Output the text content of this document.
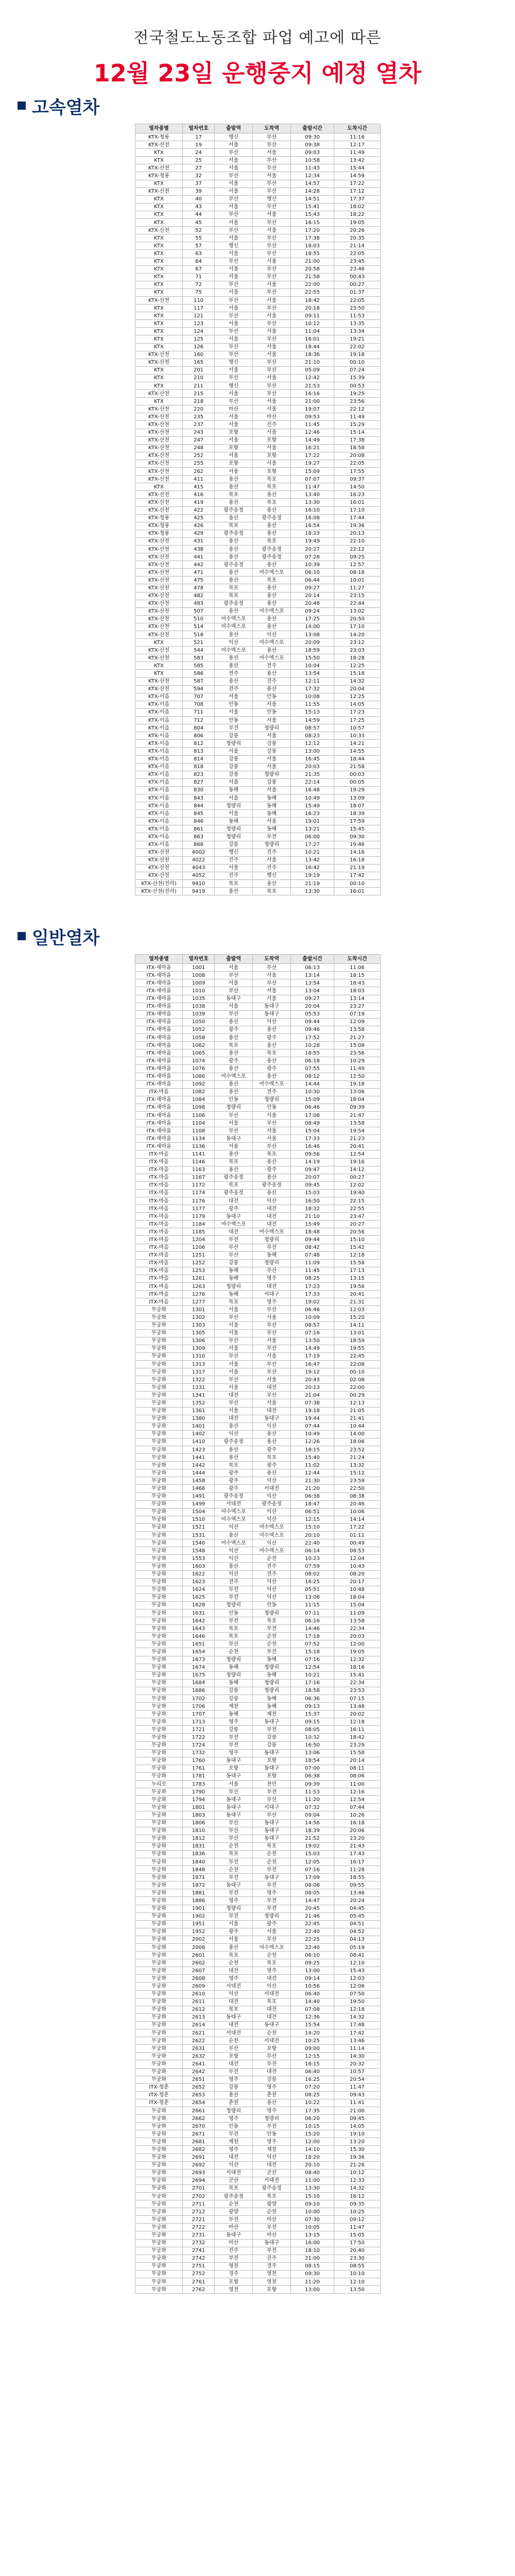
전국철도노동조합 파업 예고에 따른
12월 23일 운행중지 예정 열차
고속열차
열차종별	열차번호	출발역	도착역	출발시간	도착시간
KTX-청룡	17	행신	부산	09:30	11:16
KTX-산천	19	서울	부산	09:38	12:17
KTX	24	부산	서울	09:03	11:49
KTX	25	서울	부산	10:58	13:42
KTX-산천	27	서울	부산	11:43	15:44
KTX-청룡	32	부산	서울	12:34	14:59
KTX	37	서울	부산	14:57	17:22
KTX-산천	39	서울	부산	14:28	17:12
KTX	40	부산	행신	14:51	17:37
KTX	43	서울	부산	15:41	18:02
KTX	44	부산	서울	15:43	18:22
KTX	45	서울	부산	16:15	19:05
KTX-산천	52	부산	서울	17:20	20:26
KTX	55	서울	부산	17:38	20:35
KTX	57	행신	부산	18:03	21:14
KTX	63	서울	부산	18:55	22:05
KTX	64	부산	서울	21:00	23:45
KTX	67	서울	부산	20:58	23:46
KTX	71	서울	부산	21:58	00:43
KTX	72	부산	서울	22:00	00:27
KTX	75	서울	부산	22:55	01:37
KTX-산천	110	부산	서울	18:42	22:05
KTX	117	서울	부산	20:18	23:50
KTX	121	부산	서울	09:11	11:53
KTX	123	서울	부산	10:12	13:35
KTX	124	부산	서울	11:04	13:34
KTX	125	서울	부산	16:01	19:21
KTX	126	부산	서울	18:44	22:02
KTX-산천	160	부산	서울	18:36	19:18
KTX-산천	165	행신	부산	21:10	00:10
KTX	201	서울	부산	05:09	07:24
KTX	210	부산	서울	12:42	15:39
KTX	211	행신	부산	21:53	00:53
KTX-산천	215	서울	부산	16:16	19:25
KTX	218	부산	서울	21:00	23:56
KTX-산천	220	마산	서울	19:07	22:12
KTX-산천	235	서울	마산	09:53	11:49
KTX-산천	237	서울	진주	11:45	15:29
KTX-산천	243	포항	서울	12:46	15:14
KTX-산천	247	서울	포항	14:49	17:38
KTX-산천	248	포항	서울	16:21	18:58
KTX-산천	252	서울	포항	17:22	20:08
KTX-산천	255	포항	서울	19:27	22:05
KTX-산천	262	서울	포항	15:09	17:55
KTX-산천	411	용산	목포	07:07	09:37
KTX	415	용산	목포	11:47	14:50
KTX-산천	416	목포	용산	13:40	16:23
KTX-산천	419	용산	목포	13:30	16:01
KTX-산천	422	광주송정	용산	16:10	17:10
KTX-청룡	425	용산	광주송정	16:08	17:44
KTX-청룡	426	목포	용산	16:54	19:36
KTX-청룡	429	광주송정	용산	18:23	20:13
KTX-산천	431	용산	목포	19:49	22:10
KTX-산천	438	용산	광주송정	20:27	22:12
KTX-산천	441	용산	광주송정	07:28	09:25
KTX-산천	442	광주송정	용산	10:39	12:57
KTX-산천	471	용산	여수엑스포	06:10	08:18
KTX-산천	475	용산	목포	06:44	10:01
KTX-산천	478	목포	용산	09:27	11:27
KTX-산천	482	목포	용산	20:14	23:15
KTX-산천	483	광주송정	용산	20:48	22:44
KTX-산천	507	용산	여수엑스포	09:24	13:02
KTX-산천	510	여수엑스포	용산	17:25	20:50
KTX-산천	514	여수엑스포	용산	14:00	17:10
KTX-산천	518	용산	익산	13:08	14:20
KTX	521	익산	여수엑스포	20:09	23:12
KTX-산천	544	여수엑스포	용산	18:59	23:03
KTX-산천	583	용산	여수엑스포	15:50	18:28
KTX	585	용산	전주	10:04	12:25
KTX	586	전주	용산	13:54	15:18
KTX-산천	587	용산	전주	12:11	14:32
KTX-산천	594	전주	용산	17:32	20:04
KTX-이음	707	서울	안동	10:08	12:25
KTX-이음	708	안동	서울	11:55	14:05
KTX-이음	711	서울	안동	15:13	17:23
KTX-이음	712	안동	서울	14:59	17:25
KTX-이음	804	부전	청량리	08:57	10:57
KTX-이음	806	강릉	서울	08:23	10:33
KTX-이음	812	청량리	강릉	12:12	14:21
KTX-이음	813	서울	강릉	13:00	14:55
KTX-이음	814	강릉	서울	16:45	18:44
KTX-이음	818	강릉	서울	20:03	21:58
KTX-이음	823	강릉	청량리	21:35	00:03
KTX-이음	827	서울	강릉	22:14	00:05
KTX-이음	830	동해	서울	16:48	19:29
KTX-이음	843	서울	동해	10:49	13:09
KTX-이음	844	청량리	동해	15:49	18:07
KTX-이음	845	서울	동해	16:23	18:39
KTX-이음	846	동해	서울	19:01	17:59
KTX-이음	861	청량리	동해	13:21	15:45
KTX-이음	863	청량리	부전	06:00	09:30
KTX-이음	868	강릉	청량리	17:27	19:46
KTX-산천	4002	행신	진주	10:21	14:16
KTX-산천	4022	진주	서울	13:42	16:18
KTX-산천	4043	서울	진주	16:42	21:19
KTX-산천	4052	진주	행신	19:19	17:42
KTX-산천(전라)	9410	목포	용산	21:19	00:10
KTX-산천(전라)	9419	용산	목포	13:30	16:01
일반열차
열차종별	열차번호	출발역	도착역	출발시간	도착시간
ITX-새마을	1001	서울	부산	06:13	11:06
ITX-새마을	1008	부산	서울	13:14	18:15
ITX-새마을	1009	서울	부산	13:54	18:43
ITX-새마을	1010	부산	서울	13:04	18:03
ITX-새마을	1035	동대구	서울	09:27	13:14
ITX-새마을	1038	서울	동대구	20:04	23:27
ITX-새마을	1039	부산	동대구	05:53	07:19
ITX-새마을	1050	용산	익산	09:44	12:09
ITX-새마을	1052	광주	용산	09:46	13:58
ITX-새마을	1058	용산	광주	17:52	21:27
ITX-새마을	1062	목포	용산	10:28	15:08
ITX-새마을	1065	용산	목포	18:55	23:56
ITX-새마을	1074	광주	용산	06:18	10:29
ITX-새마을	1076	용산	광주	07:55	11:49
ITX-새마을	1086	여수엑스포	용산	08:12	12:50
ITX-새마을	1092	용산	여수엑스포	14:44	19:18
ITX-마음	1082	용산	전주	10:30	13:06
ITX-새마을	1084	안동	청량리	15:09	18:04
ITX-새마을	1098	청량리	안동	06:46	09:39
ITX-새마을	1106	부산	서울	17:08	21:47
ITX-새마을	1104	서울	부산	08:49	13:58
ITX-새마을	1108	부산	서울	15:04	19:54
ITX-새마을	1134	동대구	서울	17:33	21:23
ITX-새마을	1136	서울	부산	16:46	20:41
ITX-마음	1141	용산	목포	09:56	12:54
ITX-마음	1146	목포	용산	14:19	19:16
ITX-마음	1163	용산	광주	09:47	14:12
ITX-마음	1167	광주송정	용산	20:07	00:27
ITX-마음	1172	목포	광주송정	09:45	12:02
ITX-마음	1174	광주송정	용산	15:03	19:40
ITX-마음	1176	대전	익산	16:50	22:15
ITX-마음	1177	광주	대전	18:32	22:55
ITX-마음	1179	동대구	대전	21:10	23:47
ITX-마음	1184	여수엑스포	대전	15:49	20:27
ITX-마음	1185	대전	여수엑스포	18:48	20:56
ITX-마음	1204	부전	청량리	09:44	15:10
ITX-마음	1206	부산	부전	08:42	15:42
ITX-마음	1251	부산	동해	07:48	12:18
ITX-마음	1252	강릉	청량리	11:09	15:58
ITX-마음	1253	동해	부산	11:45	17:13
ITX-마음	1261	동해	영주	08:25	13:15
ITX-마음	1263	청량리	대전	17:23	19:56
ITX-마음	1276	동해	서대구	17:33	20:41
ITX-마음	1277	목포	영주	19:02	21:31
무궁화	1301	서울	부산	06:46	12:03
무궁화	1302	부산	서울	10:09	15:20
무궁화	1303	서울	부산	08:57	14:11
무궁화	1305	서울	부산	07:16	13:01
무궁화	1306	부산	서울	13:50	18:59
무궁화	1309	서울	부산	14:49	19:55
무궁화	1310	부산	서울	17:19	22:45
무궁화	1313	서울	부산	16:47	22:08
무궁화	1317	서울	부산	19:12	00:10
무궁화	1322	부산	서울	20:43	02:08
무궁화	1331	서울	대전	20:13	22:00
무궁화	1341	대전	부산	21:04	00:29
무궁화	1352	부산	서울	07:38	12:13
무궁화	1361	서울	대전	19:18	21:05
무궁화	1380	대전	동대구	19:44	21:41
무궁화	1401	용산	익산	07:44	10:44
무궁화	1402	익산	용산	10:49	14:00
무궁화	1410	광주송정	용산	12:26	18:06
무궁화	1423	용산	광주	18:15	23:52
무궁화	1441	용산	목포	15:40	21:24
무궁화	1442	목포	광주	11:02	13:32
무궁화	1444	광주	용산	12:44	15:12
무궁화	1458	광주	익산	21:30	23:59
무궁화	1466	광주	서대전	21:20	22:50
무궁화	1491	광주송정	익산	06:38	08:38
무궁화	1499	서대전	광주송정	18:47	20:46
무궁화	1504	여수엑스포	익산	06:51	10:06
무궁화	1510	여수엑스포	익산	12:15	14:14
무궁화	1521	익산	여수엑스포	15:10	17:22
무궁화	1531	용산	여수엑스포	20:10	01:11
무궁화	1540	여수엑스포	익산	22:40	00:49
무궁화	1548	익산	여수엑스포	06:14	08:53
무궁화	1553	익산	순천	10:23	12:04
무궁화	1603	용산	전주	07:59	10:43
무궁화	1622	익산	전주	08:02	08:20
무궁화	1623	전주	익산	16:25	20:17
무궁화	1624	부전	익산	05:51	10:48
무궁화	1625	부전	익산	13:08	18:04
무궁화	1628	청량리	안동	11:15	15:04
무궁화	1631	안동	청량리	07:11	11:09
무궁화	1642	부전	목포	06:16	13:58
무궁화	1643	목포	부전	14:46	22:34
무궁화	1646	목포	순천	17:18	20:03
무궁화	1651	부산	순천	07:52	12:00
무궁화	1654	순천	부전	15:18	19:05
무궁화	1673	청량리	동해	07:16	12:32
무궁화	1674	동해	청량리	12:54	18:16
무궁화	1675	청량리	동해	10:21	15:41
무궁화	1684	동해	청량리	17:16	22:34
무궁화	1686	강릉	청량리	18:58	23:53
무궁화	1702	강릉	동해	06:36	07:15
무궁화	1706	제천	동해	09:13	13:48
무궁화	1707	동해	제천	15:37	20:02
무궁화	1713	영주	동대구	09:15	12:18
무궁화	1721	강릉	부전	08:05	16:11
무궁화	1722	부전	강릉	10:32	18:42
무궁화	1724	부전	강릉	16:50	23:29
무궁화	1732	영주	동대구	13:06	15:58
무궁화	1760	동대구	포항	18:54	20:14
무궁화	1761	포항	동대구	07:00	08:11
무궁화	1781	동대구	포항	06:38	08:06
누리로	1783	서울	천안	09:39	11:00
무궁화	1790	부산	부전	11:53	12:16
무궁화	1794	동대구	부산	11:20	12:54
무궁화	1801	동대구	서대구	07:32	07:44
무궁화	1803	동대구	부산	09:04	10:26
무궁화	1806	부산	동대구	14:56	16:18
무궁화	1810	부산	동대구	18:39	20:06
무궁화	1812	부산	동대구	21:52	23:20
무궁화	1831	순천	목포	19:02	21:43
무궁화	1836	목포	순천	15:03	17:43
무궁화	1840	부전	순천	12:05	16:17
무궁화	1848	순천	부전	07:16	11:28
무궁화	1871	부전	동대구	17:09	18:55
무궁화	1872	동대구	부전	08:08	09:55
무궁화	1881	부전	영주	08:05	13:46
무궁화	1886	영주	부전	14:47	20:24
무궁화	1901	청량리	부전	20:45	04:45
무궁화	1902	부전	청량리	21:46	05:45
무궁화	1951	서울	광주	22:45	04:51
무궁화	1952	광주	서울	22:40	04:52
무궁화	2002	서울	부산	22:25	04:13
무궁화	2008	용산	여수엑스포	22:40	05:19
무궁화	2601	목포	순천	06:10	08:41
무궁화	2602	순천	목포	09:25	12:10
무궁화	2607	대전	영주	13:00	15:43
무궁화	2608	영주	대전	09:14	12:03
무궁화	2609	서대전	익산	10:56	12:06
무궁화	2610	익산	서대전	06:40	07:50
무궁화	2611	대전	목포	14:40	19:50
무궁화	2612	목포	대전	07:08	12:18
무궁화	2613	동대구	대전	12:36	14:32
무궁화	2614	대전	동대구	15:54	17:48
무궁화	2621	서대전	순천	14:20	17:42
무궁화	2622	순천	서대전	10:25	13:46
무궁화	2631	부산	포항	09:00	11:14
무궁화	2632	포항	부산	12:15	14:30
무궁화	2641	대전	부전	16:15	20:32
무궁화	2642	부전	대전	06:40	10:57
무궁화	2651	영주	강릉	16:25	20:54
ITX-청춘	2652	강릉	영주	07:20	11:47
ITX-청춘	2653	용산	춘천	08:25	09:43
ITX-청춘	2654	춘천	용산	10:22	11:41
무궁화	2661	청량리	영주	17:35	21:00
무궁화	2662	영주	청량리	06:20	09:45
무궁화	2670	안동	부전	10:15	14:05
무궁화	2671	부전	안동	15:20	19:10
무궁화	2681	제천	영주	12:00	13:20
무궁화	2682	영주	제천	14:10	15:30
무궁화	2691	대전	익산	18:20	19:36
무궁화	2692	익산	대전	20:10	21:26
무궁화	2693	서대전	군산	08:40	10:12
무궁화	2694	군산	서대전	11:00	12:33
무궁화	2701	목포	광주송정	13:30	14:32
무궁화	2702	광주송정	목포	15:10	16:12
무궁화	2711	순천	광양	09:10	09:35
무궁화	2712	광양	순천	10:00	10:25
무궁화	2721	부전	마산	07:30	09:12
무궁화	2722	마산	부전	10:05	11:47
무궁화	2731	동대구	마산	13:15	15:05
무궁화	2732	마산	동대구	16:00	17:50
무궁화	2741	진주	부전	18:10	20:40
무궁화	2742	부전	진주	21:00	23:30
무궁화	2751	영천	경주	08:15	08:55
무궁화	2752	경주	영천	09:30	10:10
무궁화	2761	포항	영천	11:20	12:10
무궁화	2762	영천	포항	13:00	13:50
